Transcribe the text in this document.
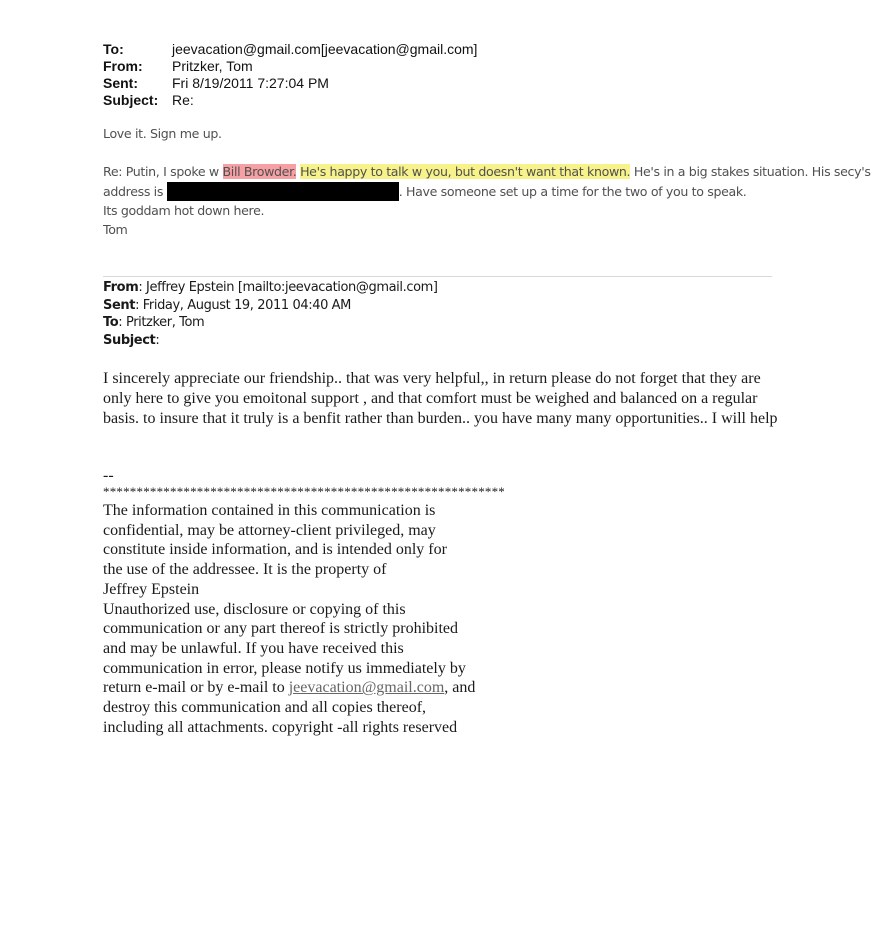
To:	jeevacation@gmail.com[jeevacation@gmail.com]
From:	Pritzker, Tom
Sent:	Fri 8/19/2011 7:27:04 PM
Subject: Re:

Love it. Sign me up.

Re: Putin, I spoke w Bill Browder. He's happy to talk w you, but doesn't want that known. He's in a big stakes situation. His secy's address is	. Have someone set up a time for the two of you to speak.

Its goddam hot down here.

Tom

From: Jeffrey Epstein [mailto:jeevacation@gmail.com]
Sent: Friday, August 19, 2011 04:40 AM
To: Pritzker, Tom
Subject:

I sincerely appreciate our friendship.. that was very helpful,, in return please do not forget that they are only here to give you emoitonal support , and that comfort must be weighed and balanced on a regular basis. to insure that it truly is a benfit rather than burden.. you have many many opportunities.. I will help

--
************************************************************
The information contained in this communication is
confidential, may be attorney-client privileged, may
constitute inside information, and is intended only for
the use of the addressee. It is the property of
Jeffrey Epstein
Unauthorized use, disclosure or copying of this
communication or any part thereof is strictly prohibited
and may be unlawful. If you have received this
communication in error, please notify us immediately by
return e-mail or by e-mail to jeevacation@gmail.com, and
destroy this communication and all copies thereof,
including all attachments. copyright -all rights reserved
